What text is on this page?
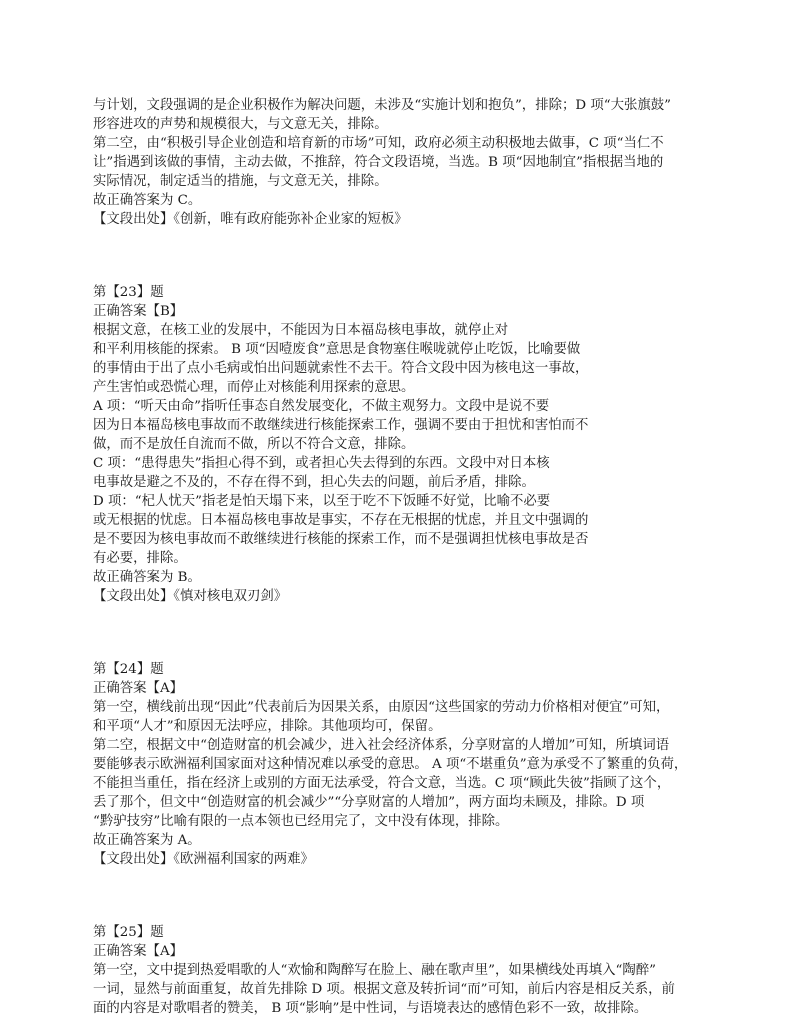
与计划，文段强调的是企业积极作为解决问题，未涉及“实施计划和抱负”，排除；D 项“大张旗鼓”
形容进攻的声势和规模很大，与文意无关，排除。
第二空，由“积极引导企业创造和培育新的市场”可知，政府必须主动积极地去做事，C 项“当仁不
让”指遇到该做的事情，主动去做，不推辞，符合文段语境，当选。B 项“因地制宜”指根据当地的
实际情况，制定适当的措施，与文意无关，排除。
故正确答案为 C。
【文段出处】《创新，唯有政府能弥补企业家的短板》
第【23】题
正确答案【B】
根据文意，在核工业的发展中，不能因为日本福岛核电事故，就停止对
和平利用核能的探索。 B 项“因噎废食”意思是食物塞住喉咙就停止吃饭，比喻要做
的事情由于出了点小毛病或怕出问题就索性不去干。符合文段中因为核电这一事故，
产生害怕或恐慌心理，而停止对核能利用探索的意思。
A 项：“听天由命”指听任事态自然发展变化，不做主观努力。文段中是说不要
因为日本福岛核电事故而不敢继续进行核能探索工作，强调不要由于担忧和害怕而不
做，而不是放任自流而不做，所以不符合文意，排除。
C 项：“患得患失”指担心得不到，或者担心失去得到的东西。文段中对日本核
电事故是避之不及的，不存在得不到，担心失去的问题，前后矛盾，排除。
D 项：“杞人忧天”指老是怕天塌下来，以至于吃不下饭睡不好觉，比喻不必要
或无根据的忧虑。日本福岛核电事故是事实，不存在无根据的忧虑，并且文中强调的
是不要因为核电事故而不敢继续进行核能的探索工作，而不是强调担忧核电事故是否
有必要，排除。
故正确答案为 B。
【文段出处】《慎对核电双刃剑》
第【24】题
正确答案【A】
第一空，横线前出现“因此”代表前后为因果关系，由原因“这些国家的劳动力价格相对便宜”可知，
和平项“人才”和原因无法呼应，排除。其他项均可，保留。
第二空，根据文中“创造财富的机会减少，进入社会经济体系，分享财富的人增加”可知，所填词语
要能够表示欧洲福利国家面对这种情况难以承受的意思。 A 项“不堪重负”意为承受不了繁重的负荷，
不能担当重任，指在经济上或别的方面无法承受，符合文意，当选。C 项“顾此失彼”指顾了这个，
丢了那个，但文中“创造财富的机会减少”“分享财富的人增加”，两方面均未顾及，排除。D 项
“黔驴技穷”比喻有限的一点本领也已经用完了，文中没有体现，排除。
故正确答案为 A。
【文段出处】《欧洲福利国家的两难》
第【25】题
正确答案【A】
第一空，文中提到热爱唱歌的人“欢愉和陶醉写在脸上、融在歌声里”，如果横线处再填入“陶醉”
一词，显然与前面重复，故首先排除 D 项。根据文意及转折词“而”可知，前后内容是相反关系，前
面的内容是对歌唱者的赞美， B 项“影响”是中性词，与语境表达的感情色彩不一致，故排除。
